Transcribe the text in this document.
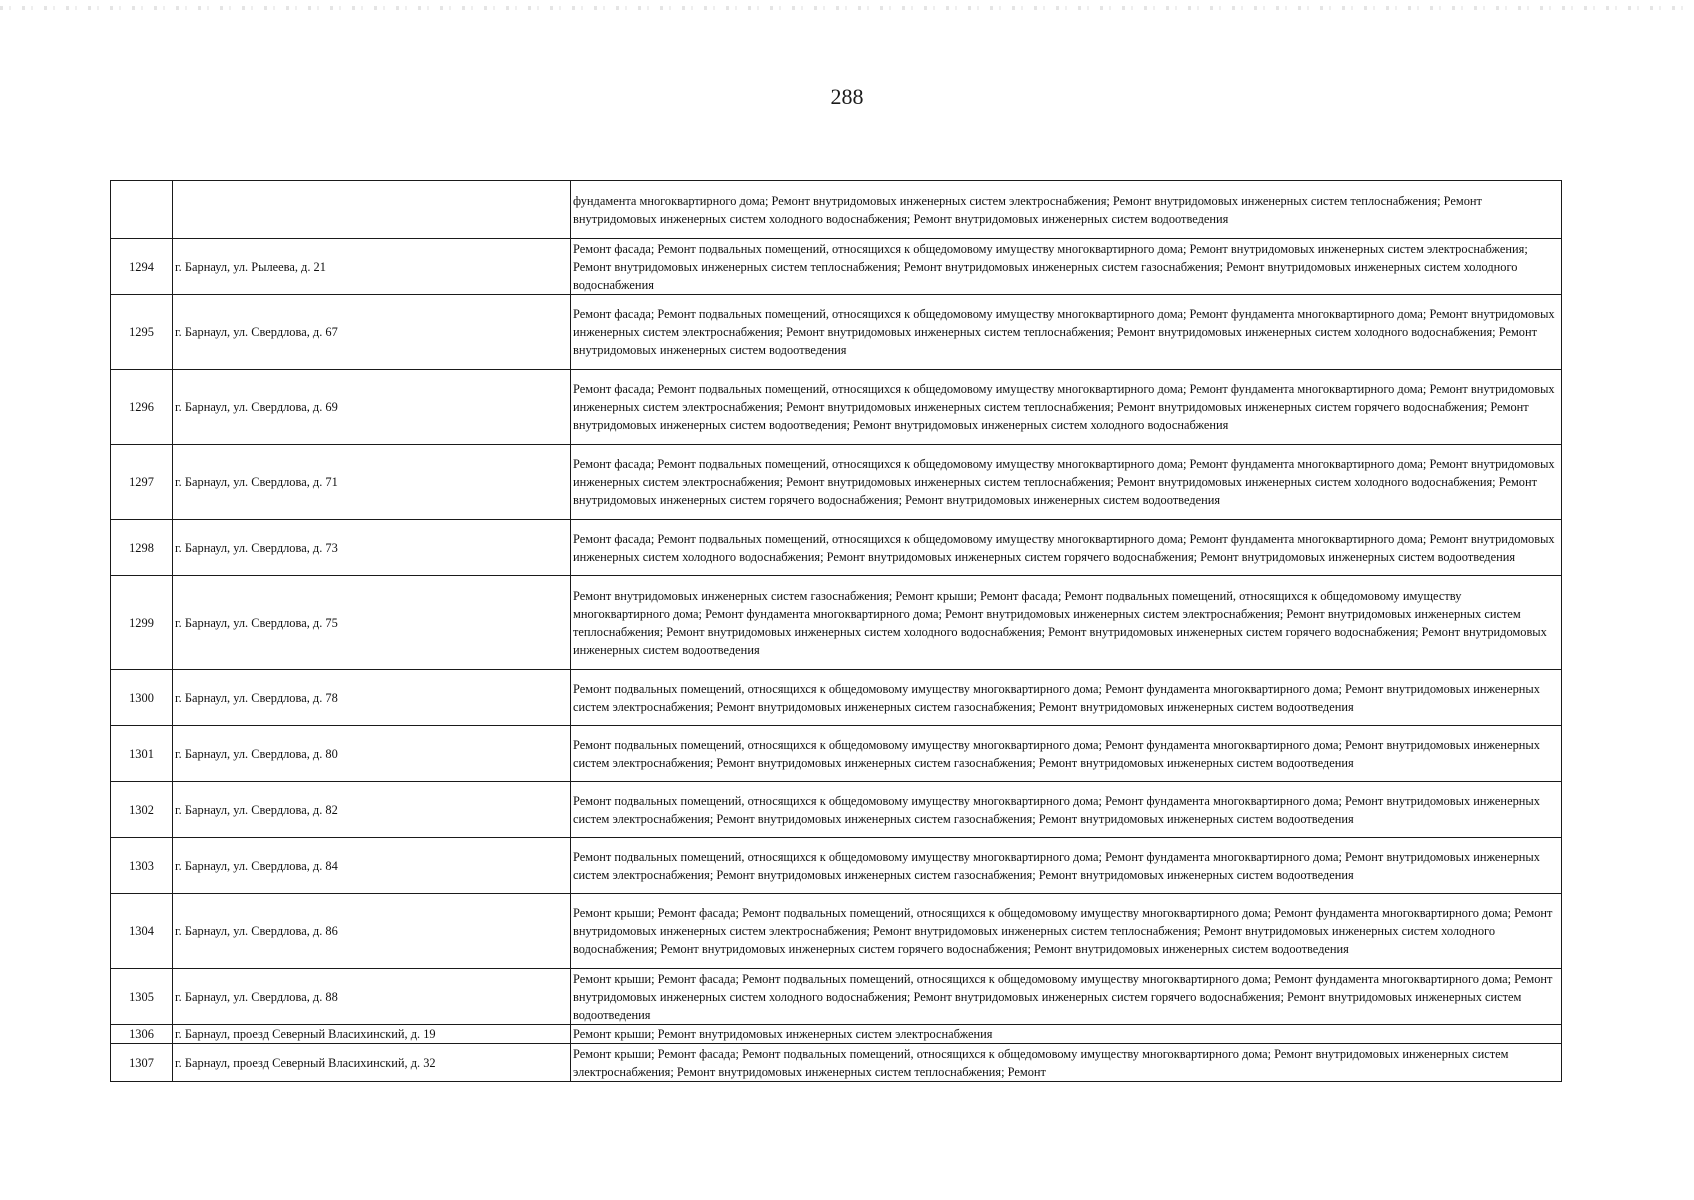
288
		фундамента многоквартирного дома; Ремонт внутридомовых инженерных систем электроснабжения; Ремонт внутридомовых инженерных систем теплоснабжения; Ремонт внутридомовых инженерных систем холодного водоснабжения; Ремонт внутридомовых инженерных систем водоотведения
1294	г. Барнаул, ул. Рылеева, д. 21	Ремонт фасада; Ремонт подвальных помещений, относящихся к общедомовому имуществу многоквартирного дома; Ремонт внутридомовых инженерных систем электроснабжения; Ремонт внутридомовых инженерных систем теплоснабжения; Ремонт внутридомовых инженерных систем газоснабжения; Ремонт внутридомовых инженерных систем холодного водоснабжения
1295	г. Барнаул, ул. Свердлова, д. 67	Ремонт фасада; Ремонт подвальных помещений, относящихся к общедомовому имуществу многоквартирного дома; Ремонт фундамента многоквартирного дома; Ремонт внутридомовых инженерных систем электроснабжения; Ремонт внутридомовых инженерных систем теплоснабжения; Ремонт внутридомовых инженерных систем холодного водоснабжения; Ремонт внутридомовых инженерных систем водоотведения
1296	г. Барнаул, ул. Свердлова, д. 69	Ремонт фасада; Ремонт подвальных помещений, относящихся к общедомовому имуществу многоквартирного дома; Ремонт фундамента многоквартирного дома; Ремонт внутридомовых инженерных систем электроснабжения; Ремонт внутридомовых инженерных систем теплоснабжения; Ремонт внутридомовых инженерных систем горячего водоснабжения; Ремонт внутридомовых инженерных систем водоотведения; Ремонт внутридомовых инженерных систем холодного водоснабжения
1297	г. Барнаул, ул. Свердлова, д. 71	Ремонт фасада; Ремонт подвальных помещений, относящихся к общедомовому имуществу многоквартирного дома; Ремонт фундамента многоквартирного дома; Ремонт внутридомовых инженерных систем электроснабжения; Ремонт внутридомовых инженерных систем теплоснабжения; Ремонт внутридомовых инженерных систем холодного водоснабжения; Ремонт внутридомовых инженерных систем горячего водоснабжения; Ремонт внутридомовых инженерных систем водоотведения
1298	г. Барнаул, ул. Свердлова, д. 73	Ремонт фасада; Ремонт подвальных помещений, относящихся к общедомовому имуществу многоквартирного дома; Ремонт фундамента многоквартирного дома; Ремонт внутридомовых инженерных систем холодного водоснабжения; Ремонт внутридомовых инженерных систем горячего водоснабжения; Ремонт внутридомовых инженерных систем водоотведения
1299	г. Барнаул, ул. Свердлова, д. 75	Ремонт внутридомовых инженерных систем газоснабжения; Ремонт крыши; Ремонт фасада; Ремонт подвальных помещений, относящихся к общедомовому имуществу многоквартирного дома; Ремонт фундамента многоквартирного дома; Ремонт внутридомовых инженерных систем электроснабжения; Ремонт внутридомовых инженерных систем теплоснабжения; Ремонт внутридомовых инженерных систем холодного водоснабжения; Ремонт внутридомовых инженерных систем горячего водоснабжения; Ремонт внутридомовых инженерных систем водоотведения
1300	г. Барнаул, ул. Свердлова, д. 78	Ремонт подвальных помещений, относящихся к общедомовому имуществу многоквартирного дома; Ремонт фундамента многоквартирного дома; Ремонт внутридомовых инженерных систем электроснабжения; Ремонт внутридомовых инженерных систем газоснабжения; Ремонт внутридомовых инженерных систем водоотведения
1301	г. Барнаул, ул. Свердлова, д. 80	Ремонт подвальных помещений, относящихся к общедомовому имуществу многоквартирного дома; Ремонт фундамента многоквартирного дома; Ремонт внутридомовых инженерных систем электроснабжения; Ремонт внутридомовых инженерных систем газоснабжения; Ремонт внутридомовых инженерных систем водоотведения
1302	г. Барнаул, ул. Свердлова, д. 82	Ремонт подвальных помещений, относящихся к общедомовому имуществу многоквартирного дома; Ремонт фундамента многоквартирного дома; Ремонт внутридомовых инженерных систем электроснабжения; Ремонт внутридомовых инженерных систем газоснабжения; Ремонт внутридомовых инженерных систем водоотведения
1303	г. Барнаул, ул. Свердлова, д. 84	Ремонт подвальных помещений, относящихся к общедомовому имуществу многоквартирного дома; Ремонт фундамента многоквартирного дома; Ремонт внутридомовых инженерных систем электроснабжения; Ремонт внутридомовых инженерных систем газоснабжения; Ремонт внутридомовых инженерных систем водоотведения
1304	г. Барнаул, ул. Свердлова, д. 86	Ремонт крыши; Ремонт фасада; Ремонт подвальных помещений, относящихся к общедомовому имуществу многоквартирного дома; Ремонт фундамента многоквартирного дома; Ремонт внутридомовых инженерных систем электроснабжения; Ремонт внутридомовых инженерных систем теплоснабжения; Ремонт внутридомовых инженерных систем холодного водоснабжения; Ремонт внутридомовых инженерных систем горячего водоснабжения; Ремонт внутридомовых инженерных систем водоотведения
1305	г. Барнаул, ул. Свердлова, д. 88	Ремонт крыши; Ремонт фасада; Ремонт подвальных помещений, относящихся к общедомовому имуществу многоквартирного дома; Ремонт фундамента многоквартирного дома; Ремонт внутридомовых инженерных систем холодного водоснабжения; Ремонт внутридомовых инженерных систем горячего водоснабжения; Ремонт внутридомовых инженерных систем водоотведения
1306	г. Барнаул, проезд Северный Власихинский, д. 19	Ремонт крыши; Ремонт внутридомовых инженерных систем электроснабжения
1307	г. Барнаул, проезд Северный Власихинский, д. 32	Ремонт крыши; Ремонт фасада; Ремонт подвальных помещений, относящихся к общедомовому имуществу многоквартирного дома; Ремонт внутридомовых инженерных систем электроснабжения; Ремонт внутридомовых инженерных систем теплоснабжения; Ремонт
